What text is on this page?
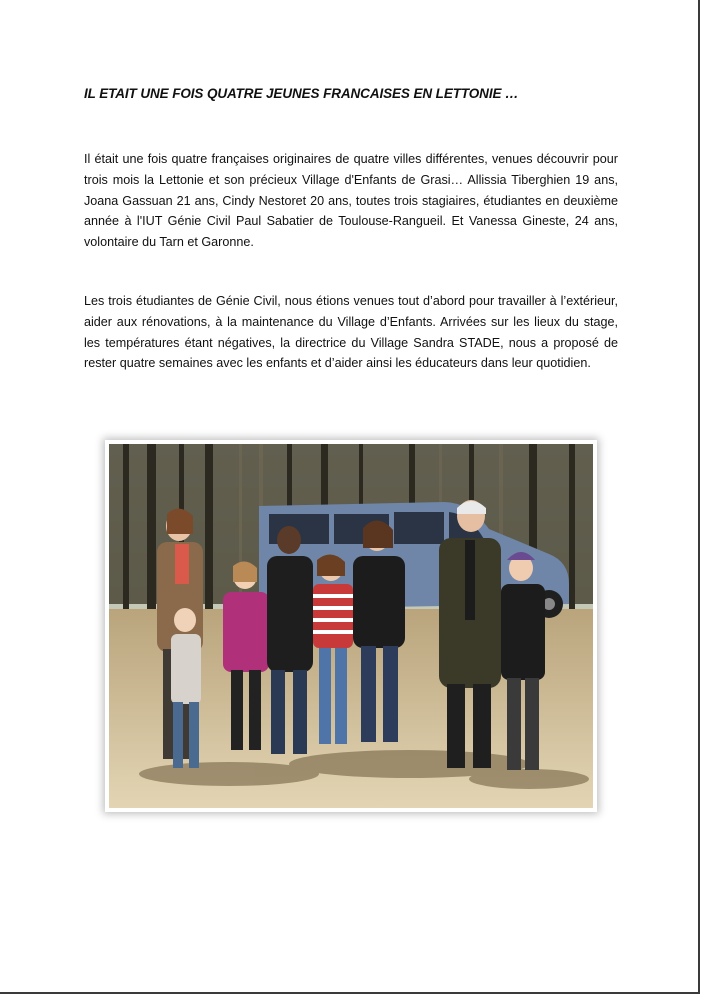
IL ETAIT UNE FOIS QUATRE JEUNES FRANCAISES EN LETTONIE …

Il était une fois quatre françaises originaires de quatre villes différentes, venues découvrir pour trois mois la Lettonie et son précieux Village d'Enfants de Grasi… Allissia Tiberghien 19 ans, Joana Gassuan 21 ans, Cindy Nestoret 20 ans, toutes trois stagiaires, étudiantes en deuxième année à l'IUT Génie Civil Paul Sabatier de Toulouse-Rangueil. Et Vanessa Gineste, 24 ans, volontaire du Tarn et Garonne.

Les trois étudiantes de Génie Civil, nous étions venues tout d’abord pour travailler à l’extérieur, aider aux rénovations, à la maintenance du Village d’Enfants. Arrivées sur les lieux du stage, les températures étant négatives, la directrice du Village Sandra STADE, nous a proposé de rester quatre semaines avec les enfants et d’aider ainsi les éducateurs dans leur quotidien.
